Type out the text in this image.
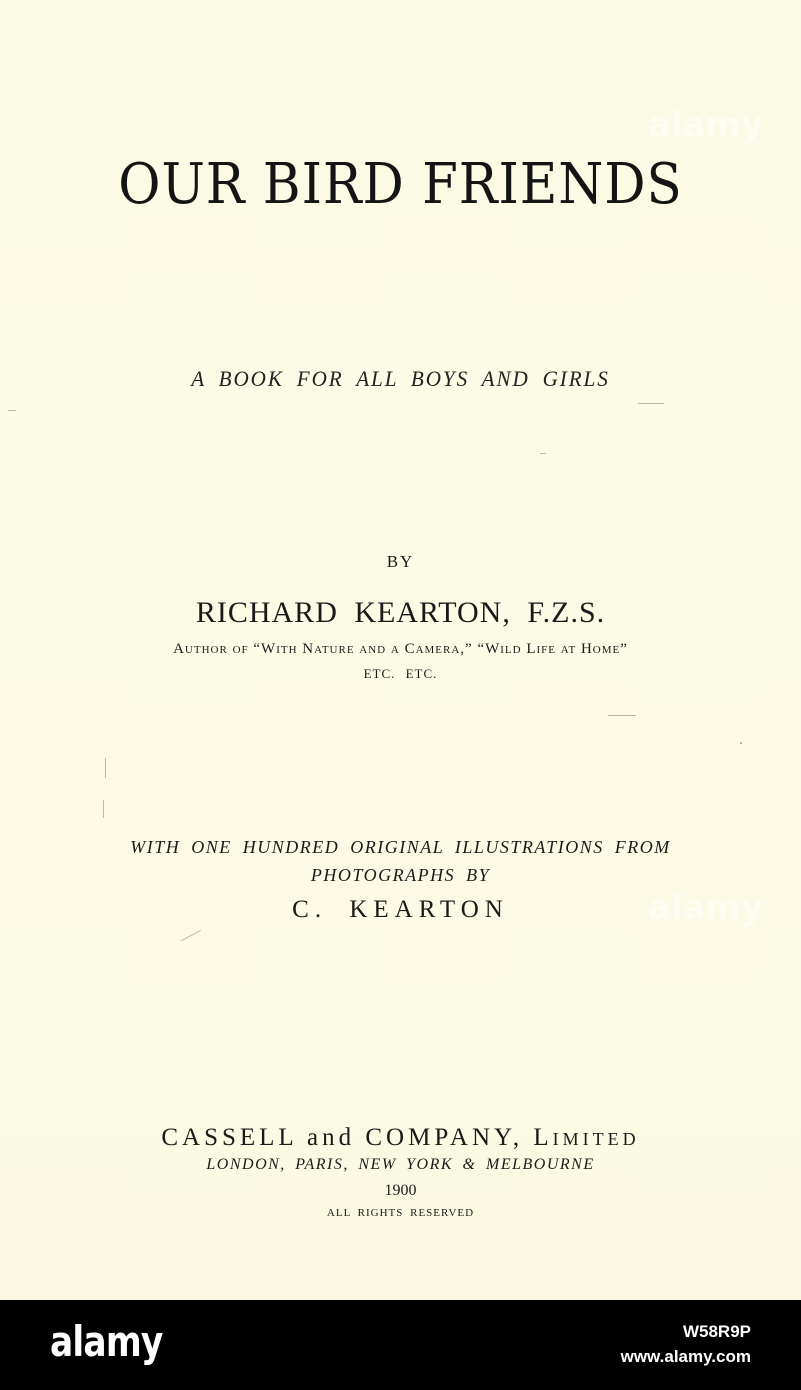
OUR BIRD FRIENDS
A BOOK FOR ALL BOYS AND GIRLS
BY
RICHARD KEARTON, F.Z.S.
Author of “With Nature and a Camera,” “Wild Life at Home”
ETC. ETC.
WITH ONE HUNDRED ORIGINAL ILLUSTRATIONS FROM
PHOTOGRAPHS BY
C. KEARTON
CASSELL and COMPANY, Limited
LONDON, PARIS, NEW YORK & MELBOURNE
1900
ALL RIGHTS RESERVED
alamy
alamy
alamy	W58R9P
www.alamy.com
